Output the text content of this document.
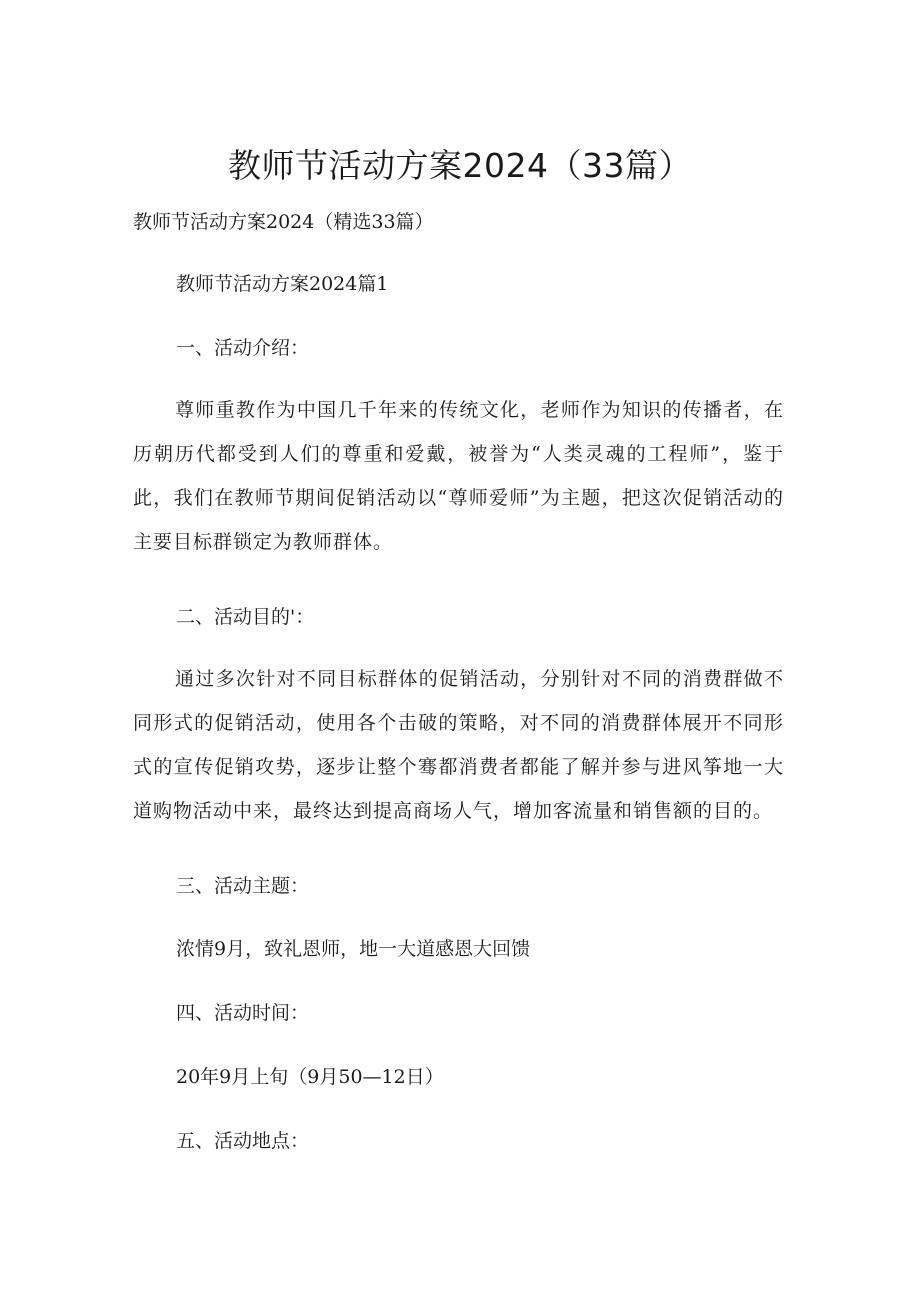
教师节活动方案2024（33篇）
教师节活动方案2024（精选33篇）
教师节活动方案2024篇1
一、活动介绍：
尊师重教作为中国几千年来的传统文化，老师作为知识的传播者，在历朝历代都受到人们的尊重和爱戴，被誉为“人类灵魂的工程师”，鉴于此，我们在教师节期间促销活动以“尊师爱师”为主题，把这次促销活动的主要目标群锁定为教师群体。
二、活动目的'：
通过多次针对不同目标群体的促销活动，分别针对不同的消费群做不同形式的促销活动，使用各个击破的策略，对不同的消费群体展开不同形式的宣传促销攻势，逐步让整个骞都消费者都能了解并参与进风筝地一大道购物活动中来，最终达到提高商场人气，增加客流量和销售额的目的。
三、活动主题：
浓情9月，致礼恩师，地一大道感恩大回馈
四、活动时间：
20年9月上旬（9月50—12日）
五、活动地点：
